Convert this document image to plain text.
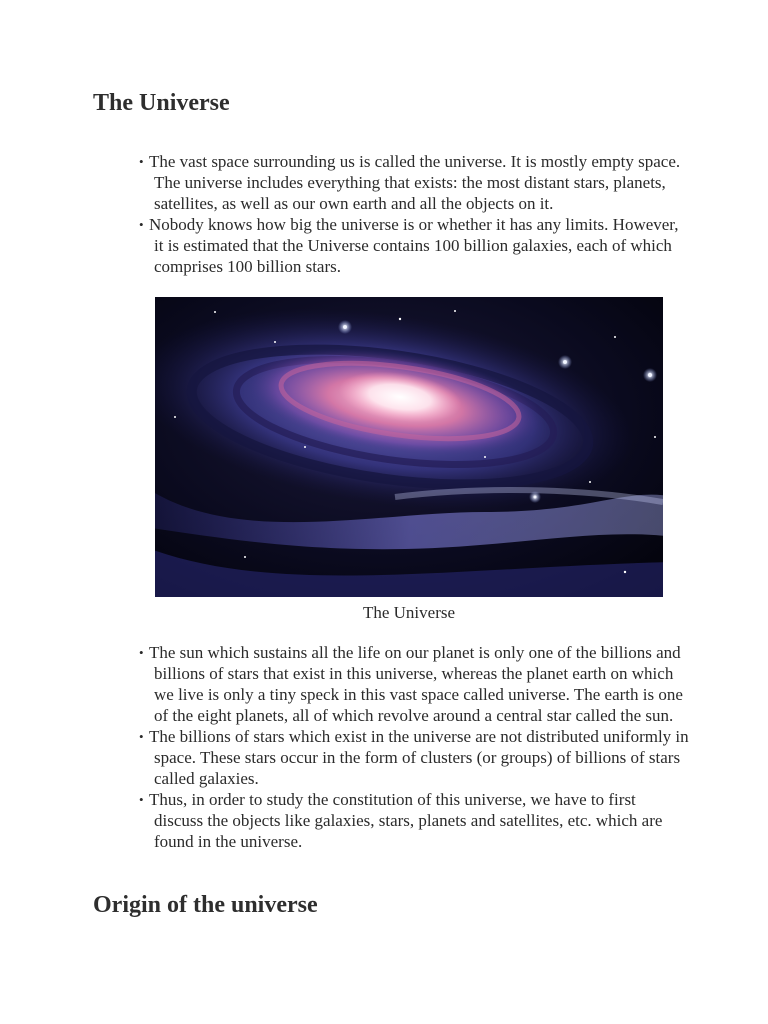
The Universe
• The vast space surrounding us is called the universe. It is mostly empty space. The universe includes everything that exists: the most distant stars, planets, satellites, as well as our own earth and all the objects on it.
• Nobody knows how big the universe is or whether it has any limits. However, it is estimated that the Universe contains 100 billion galaxies, each of which comprises 100 billion stars.
The Universe
• The sun which sustains all the life on our planet is only one of the billions and billions of stars that exist in this universe, whereas the planet earth on which we live is only a tiny speck in this vast space called universe. The earth is one of the eight planets, all of which revolve around a central star called the sun.
• The billions of stars which exist in the universe are not distributed uniformly in space. These stars occur in the form of clusters (or groups) of billions of stars called galaxies.
• Thus, in order to study the constitution of this universe, we have to first discuss the objects like galaxies, stars, planets and satellites, etc. which are found in the universe.
Origin of the universe
